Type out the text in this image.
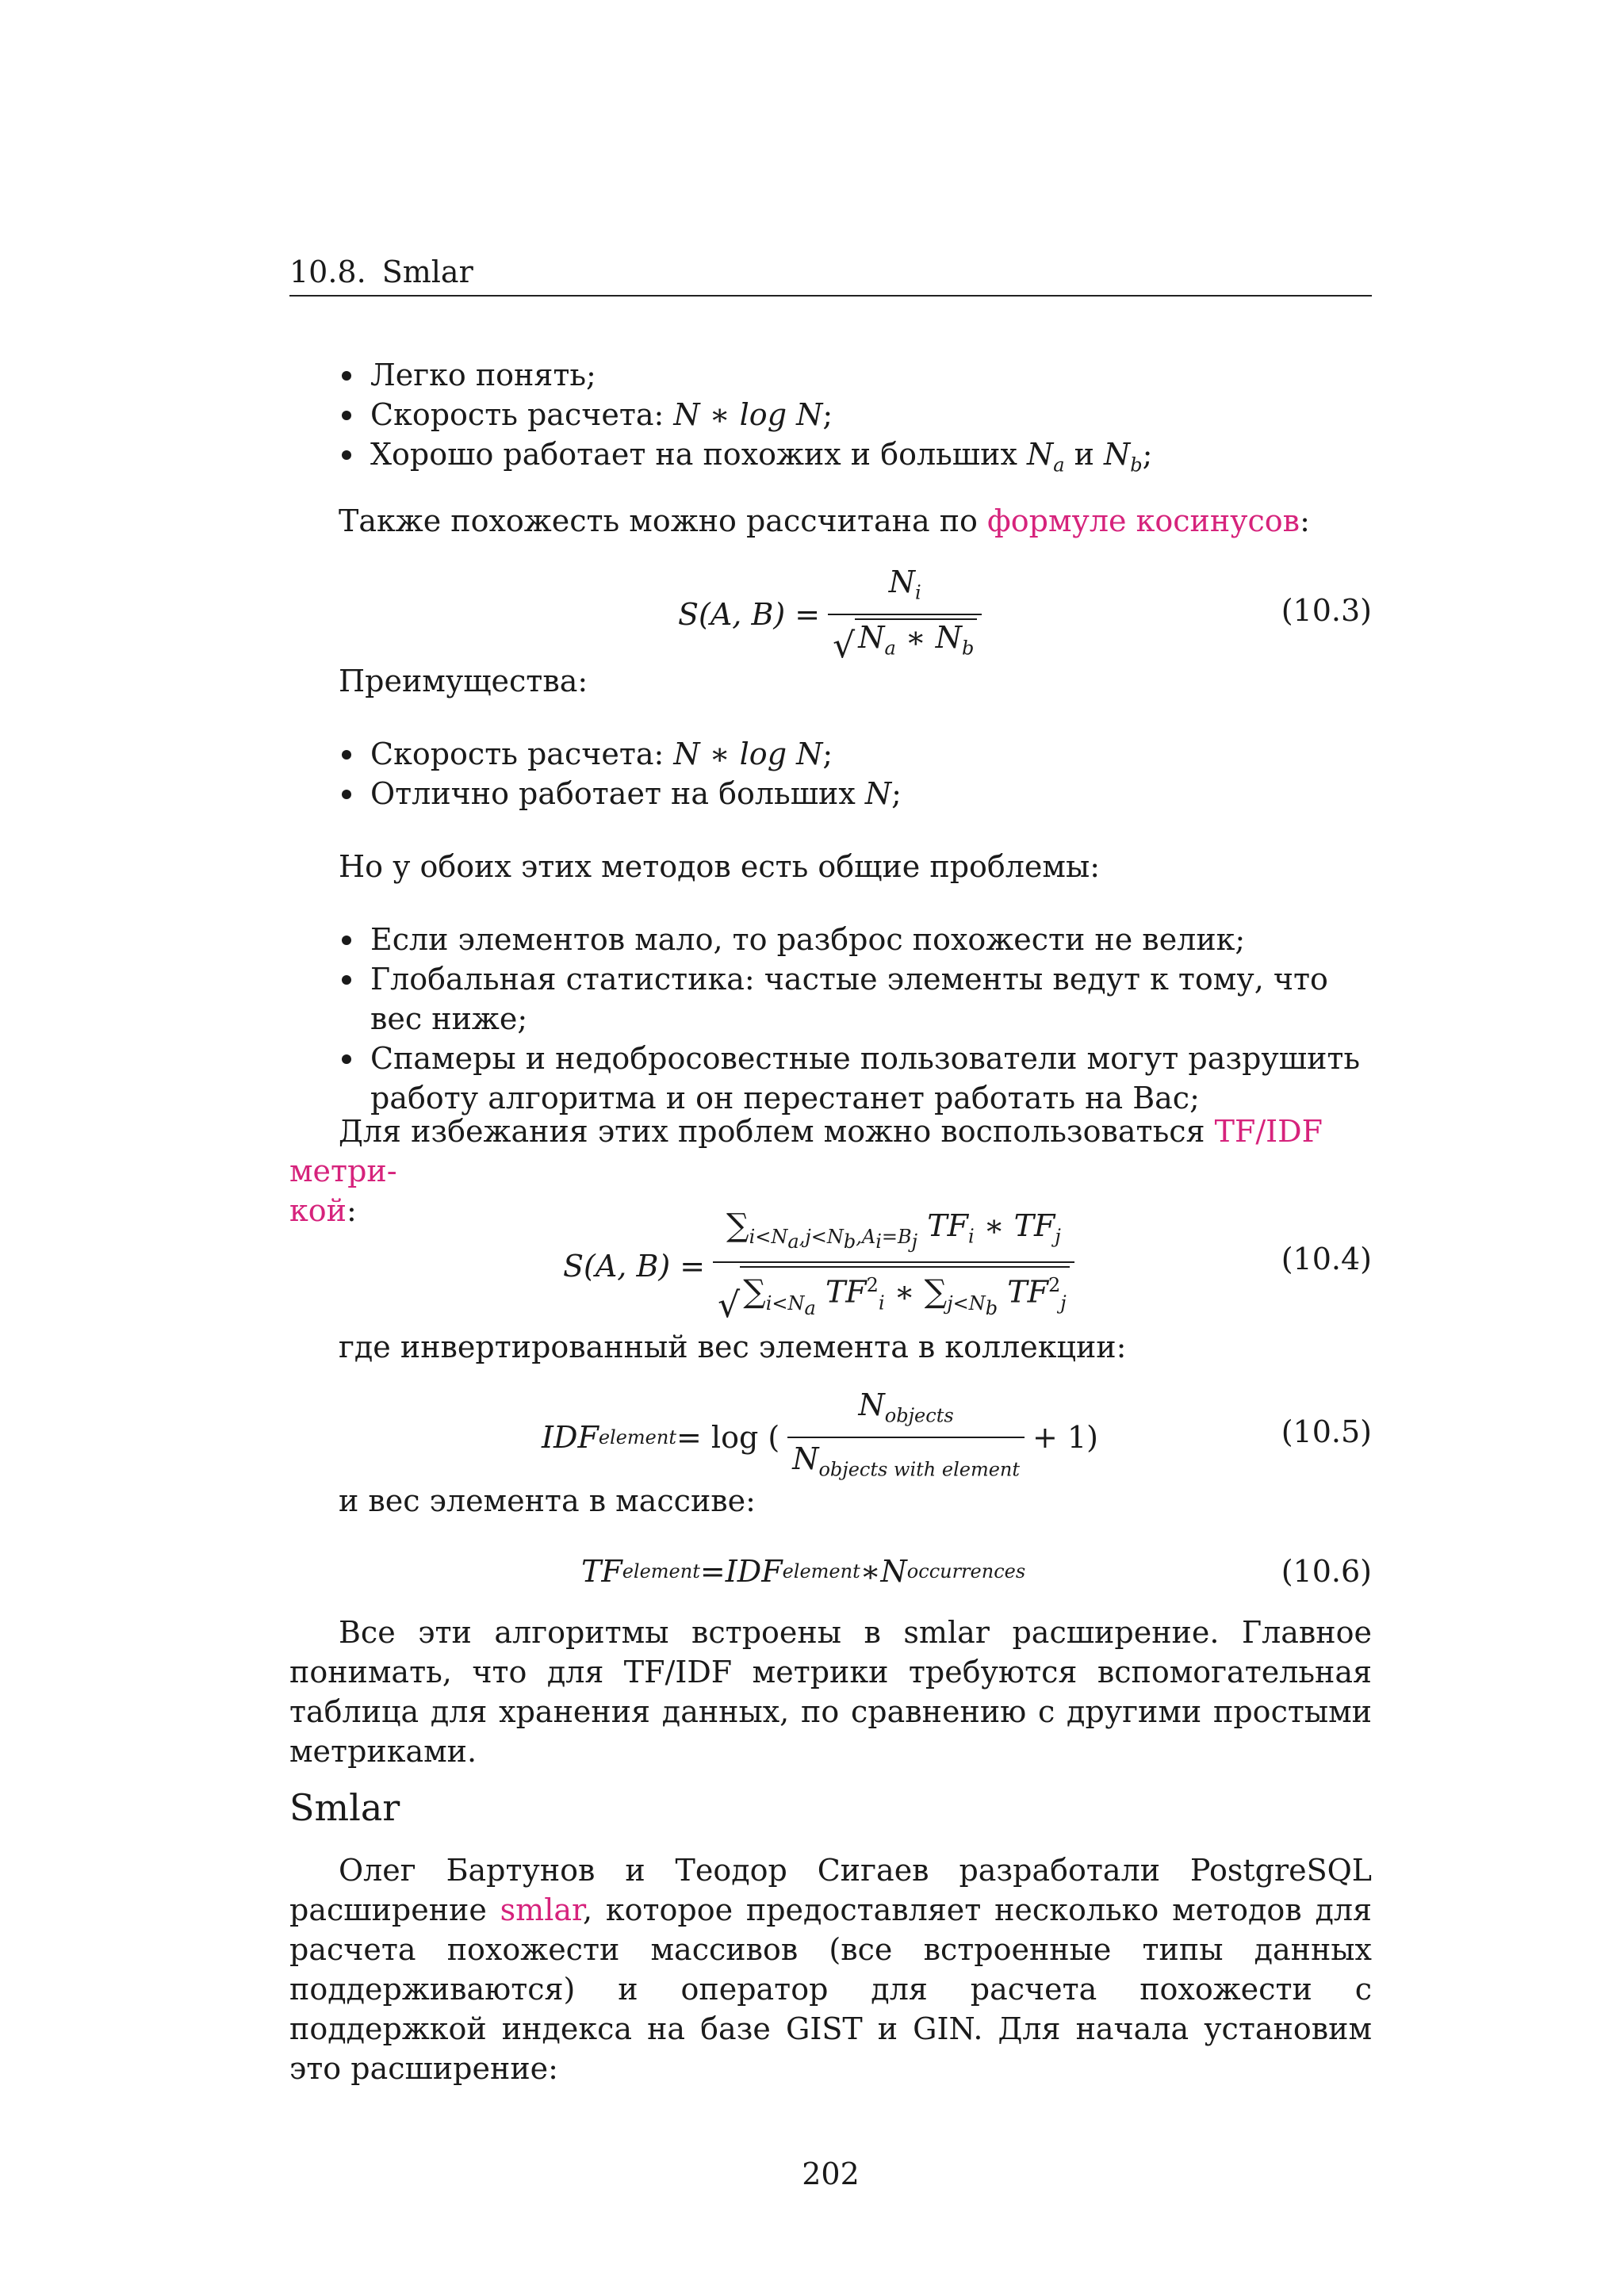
10.8. Smlar
Легко понять;
Скорость расчета: N ∗ log N;
Хорошо работает на похожих и больших $N_a$ и $N_b$;
Также похожесть можно рассчитана по формуле косинусов:
S(A, $B) = \frac{N_i}{√ N_a ∗ N_b}$	(10.3)
Преимущества:
Скорость расчета: N ∗ log N;
Отлично работает на больших N;
Но у обоих этих методов есть общие проблемы:
Если элементов мало, то разброс похожести не велик;
Глобальная статистика: частые элементы ведут к тому, что вес ниже;
Спамеры и недобросовестные пользователи могут разрушить работу алгоритма и он перестанет работать на Вас;
Для избежания этих проблем можно воспользоваться TF/IDF метри-
кой:
S(A, $B) = \frac{\sum_{i<N_a,j<N_b,A_i=B_j} TF_i ∗ TF_j}{√ \sum_{i<N_a} TF^2_i ∗ \sum_{j<N_b} TF^2_j}$	(10.4)
где инвертированный вес элемента в коллекции:
IDF element = log ( $\frac{N_{objects}}{N_{objects with element}} + 1$)	(10.5)
и вес элемента в массиве:
TF element = IDF element ∗ N occurrences	(10.6)
Все эти алгоритмы встроены в smlar расширение. Главное понимать, что для TF/IDF метрики требуются вспомогательная таблица для хранения данных, по сравнению с другими простыми метриками.
Smlar
Олег Бартунов и Теодор Сигаев разработали PostgreSQL расширение smlar, которое предоставляет несколько методов для расчета похожести массивов (все встроенные типы данных поддерживаются) и оператор для расчета похожести с поддержкой индекса на базе GIST и GIN. Для начала установим это расширение:
202
